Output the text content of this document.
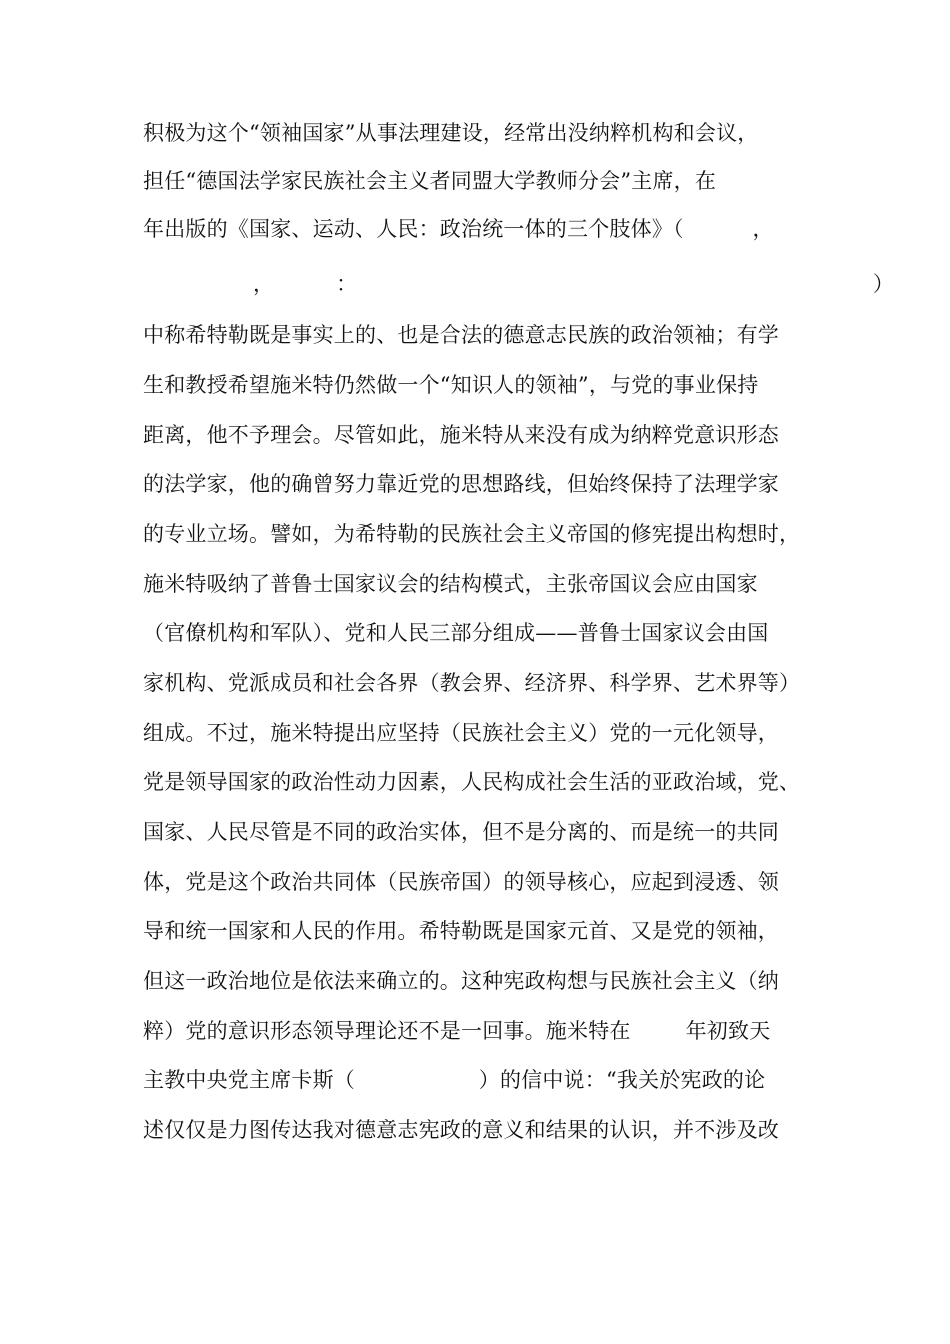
积极为这个“领袖国家”从事法理建设，经常出没纳粹机构和会议，
担任“德国法学家民族社会主义者同盟大学教师分会”主席，在
年出版的《国家、运动、人民：政治统一体的三个肢体》（          ，
，         ：                                                                           ）
中称希特勒既是事实上的、也是合法的德意志民族的政治领袖；有学
生和教授希望施米特仍然做一个“知识人的领袖”，与党的事业保持
距离，他不予理会。尽管如此，施米特从来没有成为纳粹党意识形态
的法学家，他的确曾努力靠近党的思想路线，但始终保持了法理学家
的专业立场。譬如，为希特勒的民族社会主义帝国的修宪提出构想时，
施米特吸纳了普鲁士国家议会的结构模式，主张帝国议会应由国家
（官僚机构和军队）、党和人民三部分组成——普鲁士国家议会由国
家机构、党派成员和社会各界（教会界、经济界、科学界、艺术界等）
组成。不过，施米特提出应坚持（民族社会主义）党的一元化领导，
党是领导国家的政治性动力因素，人民构成社会生活的亚政治域，党、
国家、人民尽管是不同的政治实体，但不是分离的、而是统一的共同
体，党是这个政治共同体（民族帝国）的领导核心，应起到浸透、领
导和统一国家和人民的作用。希特勒既是国家元首、又是党的领袖，
但这一政治地位是依法来确立的。这种宪政构想与民族社会主义（纳
粹）党的意识形态领导理论还不是一回事。施米特在        年初致天
主教中央党主席卡斯（                  ）的信中说：“我关於宪政的论
述仅仅是力图传达我对德意志宪政的意义和结果的认识，并不涉及改
